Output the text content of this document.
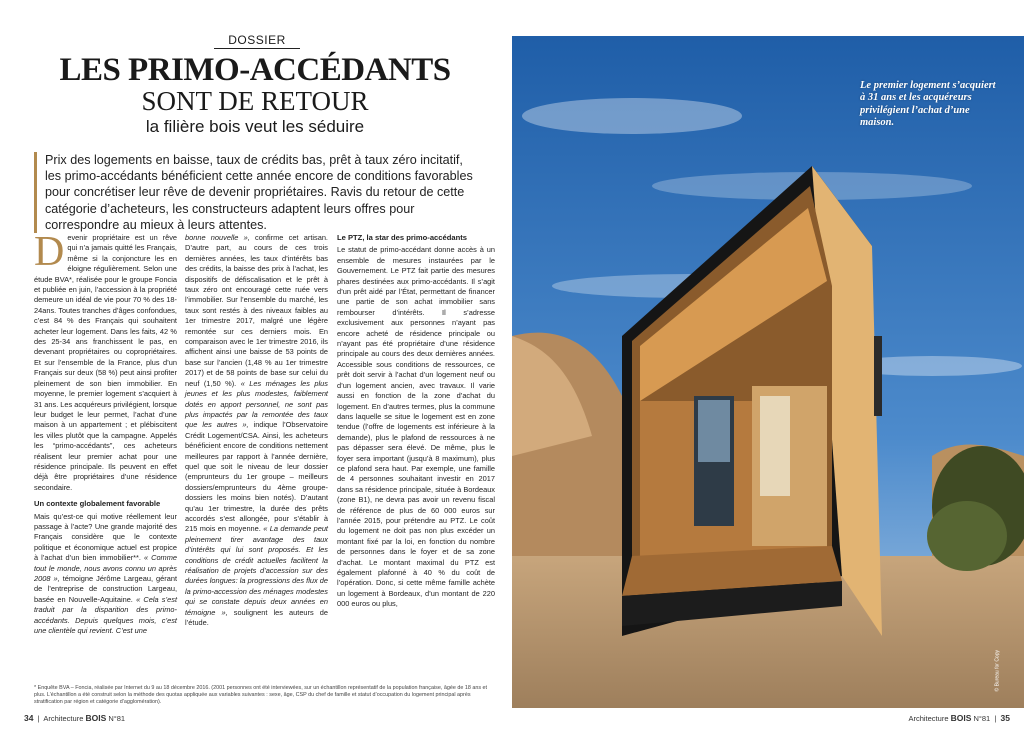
DOSSIER
LES PRIMO-ACCÉDANTS
SONT DE RETOUR
la filière bois veut les séduire
Prix des logements en baisse, taux de crédits bas, prêt à taux zéro incitatif, les primo-accédants bénéficient cette année encore de conditions favorables pour concrétiser leur rêve de devenir propriétaires. Ravis du retour de cette catégorie d’acheteurs, les constructeurs adaptent leurs offres pour correspondre au mieux à leurs attentes.

Devenir propriétaire est un rêve qui n’a jamais quitté les Français, même si la conjoncture les en éloigne régulièrement. Selon une étude BVA*, réalisée pour le groupe Foncia et publiée en juin, l’accession à la propriété demeure un idéal de vie pour 70 % des 18-24ans. Toutes tranches d’âges confondues, c’est 84 % des Français qui souhaitent acheter leur logement. Dans les faits, 42 % des 25-34 ans franchissent le pas, en devenant propriétaires ou copropriétaires. Et sur l’ensemble de la France, plus d’un Français sur deux (58 %) peut ainsi profiter pleinement de son bien immobilier. En moyenne, le premier logement s’acquiert à 31 ans. Les acquéreurs privilégient, lorsque leur budget le leur permet, l’achat d’une maison à un appartement ; et plébiscitent les villes plutôt que la campagne. Appelés les “primo-accédants”, ces acheteurs réalisent leur premier achat pour une résidence principale. Ils peuvent en effet déjà être propriétaires d’une résidence secondaire.

Un contexte globalement favorable

Mais qu’est-ce qui motive réellement leur passage à l’acte? Une grande majorité des Français considère que le contexte politique et économique actuel est propice à l’achat d’un bien immobilier**. « Comme tout le monde, nous avons connu un après 2008 », témoigne Jérôme Largeau, gérant de l’entreprise de construction Largeau, basée en Nouvelle-Aquitaine. « Cela s’est traduit par la disparition des primo-accédants. Depuis quelques mois, c’est une clientèle qui revient. C’est une

bonne nouvelle », confirme cet artisan. D’autre part, au cours de ces trois dernières années, les taux d’intérêts bas des crédits, la baisse des prix à l’achat, les dispositifs de défiscalisation et le prêt à taux zéro ont encouragé cette ruée vers l’immobilier. Sur l’ensemble du marché, les taux sont restés à des niveaux faibles au 1er trimestre 2017, malgré une légère remontée sur ces derniers mois. En comparaison avec le 1er trimestre 2016, ils affichent ainsi une baisse de 53 points de base sur l’ancien (1,48 % au 1er trimestre 2017) et de 58 points de base sur celui du neuf (1,50 %). « Les ménages les plus jeunes et les plus modestes, faiblement dotés en apport personnel, ne sont pas plus impactés par la remontée des taux que les autres », indique l’Observatoire Crédit Logement/CSA. Ainsi, les acheteurs bénéficient encore de conditions nettement meilleures par rapport à l’année dernière, quel que soit le niveau de leur dossier (emprunteurs du 1er groupe – meilleurs dossiers/emprunteurs du 4ème groupe-dossiers les moins bien notés). D’autant qu’au 1er trimestre, la durée des prêts accordés s’est allongée, pour s’établir à 215 mois en moyenne. « La demande peut pleinement tirer avantage des taux d’intérêts qui lui sont proposés. Et les conditions de crédit actuelles facilitent la réalisation de projets d’accession sur des durées longues: la progressions des flux de la primo-accession des ménages modestes qui se constate depuis deux années en témoigne », soulignent les auteurs de l’étude.

Le PTZ, la star des primo-accédants

Le statut de primo-accédant donne accès à un ensemble de mesures instaurées par le Gouvernement. Le PTZ fait partie des mesures phares destinées aux primo-accédants. Il s’agit d’un prêt aidé par l’État, permettant de financer une partie de son achat immobilier sans rembourser d’intérêts. Il s’adresse exclusivement aux personnes n’ayant pas encore acheté de résidence principale ou n’ayant pas été propriétaire d’une résidence principale au cours des deux dernières années. Accessible sous conditions de ressources, ce prêt doit servir à l’achat d’un logement neuf ou d’un logement ancien, avec travaux. Il varie aussi en fonction de la zone d’achat du logement. En d’autres termes, plus la commune dans laquelle se situe le logement est en zone tendue (l’offre de logements est inférieure à la demande), plus le plafond de ressources à ne pas dépasser sera élevé. De même, plus le foyer sera important (jusqu’à 8 maximum), plus ce plafond sera haut. Par exemple, une famille de 4 personnes souhaitant investir en 2017 dans sa résidence principale, située à Bordeaux (zone B1), ne devra pas avoir un revenu fiscal de référence de plus de 60 000 euros sur l’année 2015, pour prétendre au PTZ. Le coût du logement ne doit pas non plus excéder un montant fixé par la loi, en fonction du nombre de personnes dans le foyer et de sa zone d’achat. Le montant maximal du PTZ est également plafonné à 40 % du coût de l’opération. Donc, si cette même famille achète un logement à Bordeaux, d’un montant de 220 000 euros ou plus,

* Enquête BVA – Foncia, réalisée par Internet du 9 au 18 décembre 2016. (2001 personnes ont été interviewées, sur un échantillon représentatif de la population française, âgée de 18 ans et plus. L’échantillon a été construit selon la méthode des quotas appliquée aux variables suivantes : sexe, âge, CSP du chef de famille et statut d’occupation du logement principal après stratification par région et catégorie d’agglomération).
34  |  Architecture BOIS N°81
Le premier logement s’acquiert à 31 ans et les acquéreurs privilégient l’achat d’une maison.
© Bureau for Copy
Architecture BOIS N°81  |  35
